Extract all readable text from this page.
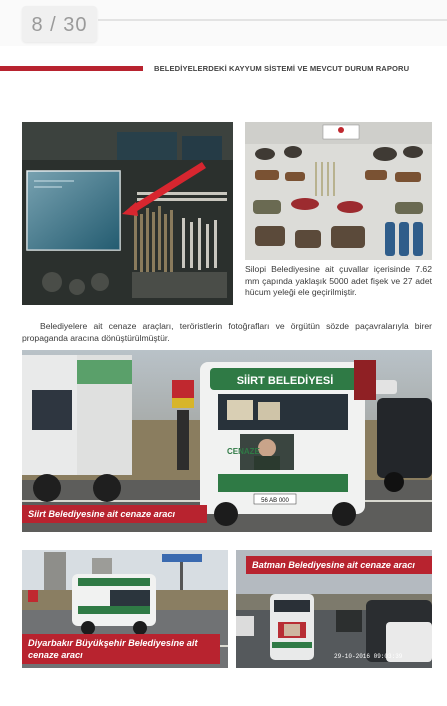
8 / 30
BELEDİYELERDEKİ KAYYUM SİSTEMİ VE MEVCUT DURUM RAPORU
Silopi Belediyesine ait çuvallar içerisinde 7.62 mm çapında yaklaşık 5000 adet fişek ve 27 adet hücum yeleği ele geçirilmiştir.
Belediyelere ait cenaze araçları, teröristlerin fotoğrafları ve örgütün sözde paçavralarıyla birer propaganda aracına dönüştürülmüştür.
SİİRT BELEDİYESİ
CENAZE
56 AB 000
Siirt Belediyesine ait cenaze aracı
Diyarbakır Büyükşehir Belediyesine ait cenaze aracı	29-10-2016 09:03:39
Batman Belediyesine ait cenaze aracı
